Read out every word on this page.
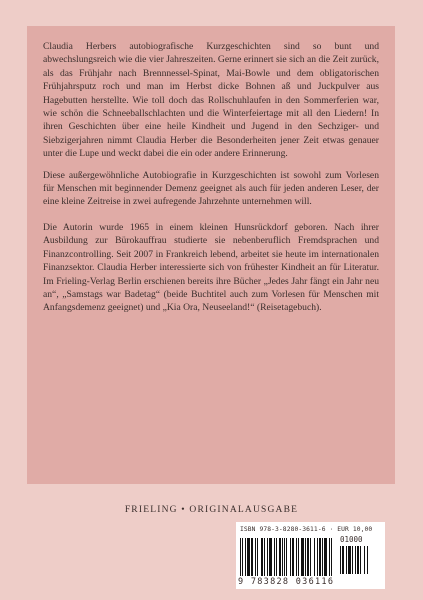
Claudia Herbers autobiografische Kurzgeschichten sind so bunt und abwechslungsreich wie die vier Jahreszeiten. Gerne erinnert sie sich an die Zeit zurück, als das Frühjahr nach Brennnessel-Spinat, Mai-Bowle und dem obligatorischen Frühjahrsputz roch und man im Herbst dicke Bohnen aß und Juckpulver aus Hagebutten herstellte. Wie toll doch das Rollschuhlaufen in den Sommerferien war, wie schön die Schneeballschlachten und die Winterfeiertage mit all den Liedern! In ihren Geschichten über eine heile Kindheit und Jugend in den Sechziger- und Siebzigerjahren nimmt Claudia Herber die Besonderheiten jener Zeit etwas genauer unter die Lupe und weckt dabei die ein oder andere Erinnerung.

Diese außergewöhnliche Autobiografie in Kurzgeschichten ist sowohl zum Vorlesen für Menschen mit beginnender Demenz geeignet als auch für jeden anderen Leser, der eine kleine Zeitreise in zwei aufregende Jahrzehnte unternehmen will.

Die Autorin wurde 1965 in einem kleinen Hunsrückdorf geboren. Nach ihrer Ausbildung zur Bürokauffrau studierte sie nebenberuflich Fremdsprachen und Finanzcontrolling. Seit 2007 in Frankreich lebend, arbeitet sie heute im internationalen Finanzsektor. Claudia Herber interessierte sich von frühester Kindheit an für Literatur. Im Frieling-Verlag Berlin erschienen bereits ihre Bücher „Jedes Jahr fängt ein Jahr neu an“, „Samstags war Badetag“ (beide Buchtitel auch zum Vorlesen für Menschen mit Anfangsdemenz geeignet) und „Kia Ora, Neuseeland!“ (Reisetagebuch).

FRIELING • ORIGINALAUSGABE
ISBN 978-3-8280-3611-6 · EUR 10,00
01000
9 783828 036116
